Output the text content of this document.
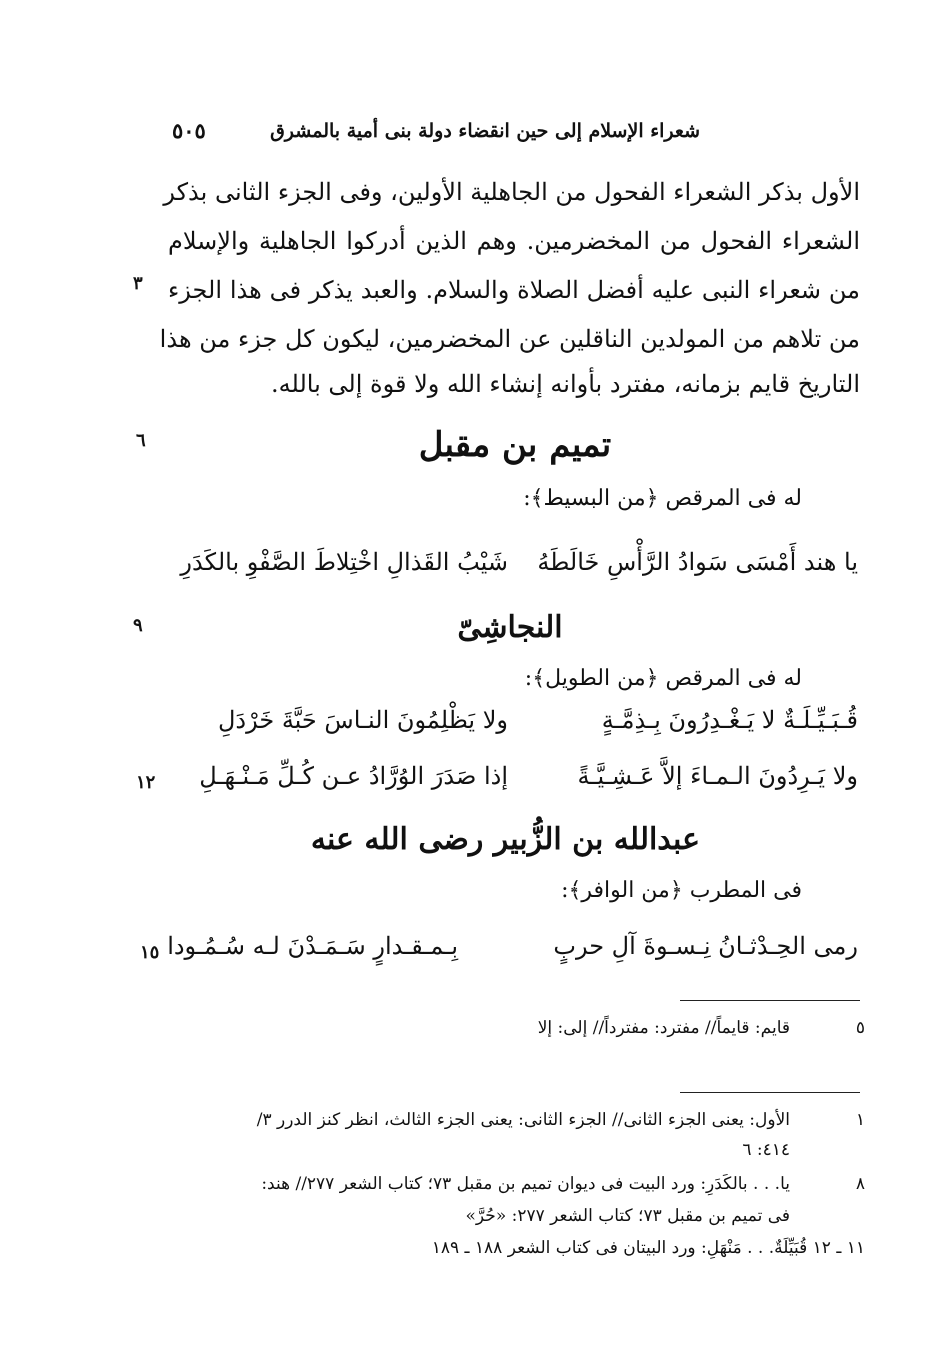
شعراء الإسلام إلى حين انقضاء دولة بنى أمية بالمشرق
٥٠٥
الأول بذكر الشعراء الفحول من الجاهلية الأولين، وفى الجزء الثانى بذكر
الشعراء الفحول من المخضرمين. وهم الذين أدركوا الجاهلية والإسلام
من شعراء النبى عليه أفضل الصلاة والسلام. والعبد يذكر فى هذا الجزء
من تلاهم من المولدين الناقلين عن المخضرمين، ليكون كل جزء من هذا
التاريخ قايم بزمانه، مفترد بأوانه إنشاء الله ولا قوة إلى بالله.
٣
تميم بن مقبل
٦
له فى المرقص ﴿من البسيط﴾:
يا هند أَمْسَى سَوادُ الرَّأْسِ خَالَطَهُ
شَيْبُ القَذالِ اخْتِلاطَ الصَّفْوِ بالكَدَرِ
النجاشِىّ
٩
له فى المرقص ﴿من الطويل﴾:
قُـبَـيِّـلَـةٌ لا يَـغْـدِرُونَ بِـذِمَّـةٍ
ولا يَظْلِمُونَ النـاسَ حَبَّةَ خَرْدَلِ
ولا يَـرِدُونَ الـمـاءَ إلاَّ عَـشِـيَّـةً
إذا صَدَرَ الوُرَّادُ عـن كُـلِّ مَـنْـهَـلِ
١٢
عبدالله بن الزُّبير رضى الله عنه
فى المطرب ﴿من الوافر﴾:
رمى الحِـدْثـانُ نِـسـوةَ آلِ حربٍ
بِـمـقـدارٍ سَـمَـدْنَ لـه سُـمُـودا
١٥
٥
قايم: قايماً// مفترد: مفترداً// إلى: إلا
١
الأول: يعنى الجزء الثانى// الجزء الثانى: يعنى الجزء الثالث، انظر كنز الدرر ٣/
٤١٤: ٦
٨
يا. . . بالكَدَرِ: ورد البيت فى ديوان تميم بن مقبل ٧٣؛ كتاب الشعر ٢٧٧// هند:
فى تميم بن مقبل ٧٣؛ كتاب الشعر ٢٧٧: «حُرَّ»
١١ ـ ١٢ قُبَيِّلَةٌ. . . مَنْهَلِ: ورد البيتان فى كتاب الشعر ١٨٨ ـ ١٨٩
